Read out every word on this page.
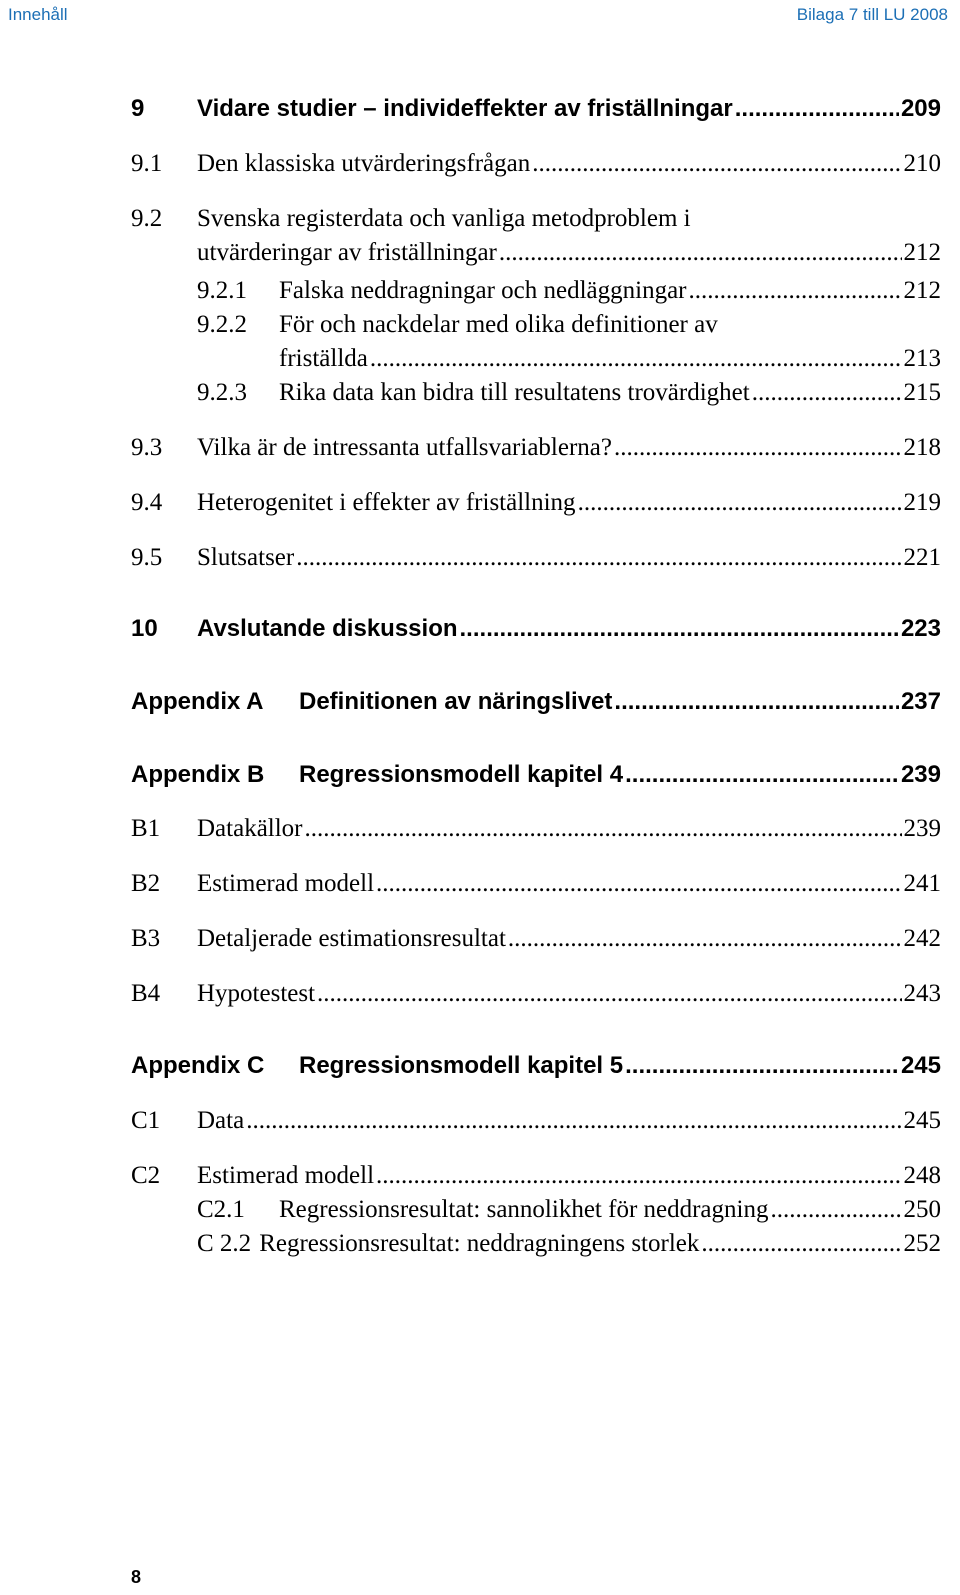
Innehåll	Bilaga 7 till LU 2008
9	Vidare studier – individeffekter av friställningar .....	209
9.1	Den klassiska utvärderingsfrågan .....	210
9.2 Svenska registerdata och vanliga metodproblem i
utvärderingar av friställningar .....	212
9.2.1	Falska neddragningar och nedläggningar .....	212
9.2.2 För och nackdelar med olika definitioner av
friställda .....	213
9.2.3	Rika data kan bidra till resultatens trovärdighet .....	215
9.3	Vilka är de intressanta utfallsvariablerna? .....	218
9.4	Heterogenitet i effekter av friställning .....	219
9.5	Slutsatser .....	221
10	Avslutande diskussion .....	223
Appendix A	Definitionen av näringslivet .....	237
Appendix B	Regressionsmodell kapitel 4 .....	239
B1	Datakällor .....	239
B2	Estimerad modell .....	241
B3	Detaljerade estimationsresultat .....	242
B4	Hypotestest .....	243
Appendix C	Regressionsmodell kapitel 5 .....	245
C1	Data .....	245
C2	Estimerad modell .....	248
C2.1	Regressionsresultat: sannolikhet för neddragning .....	250
C 2.2 Regressionsresultat: neddragningens storlek .....	252
8
